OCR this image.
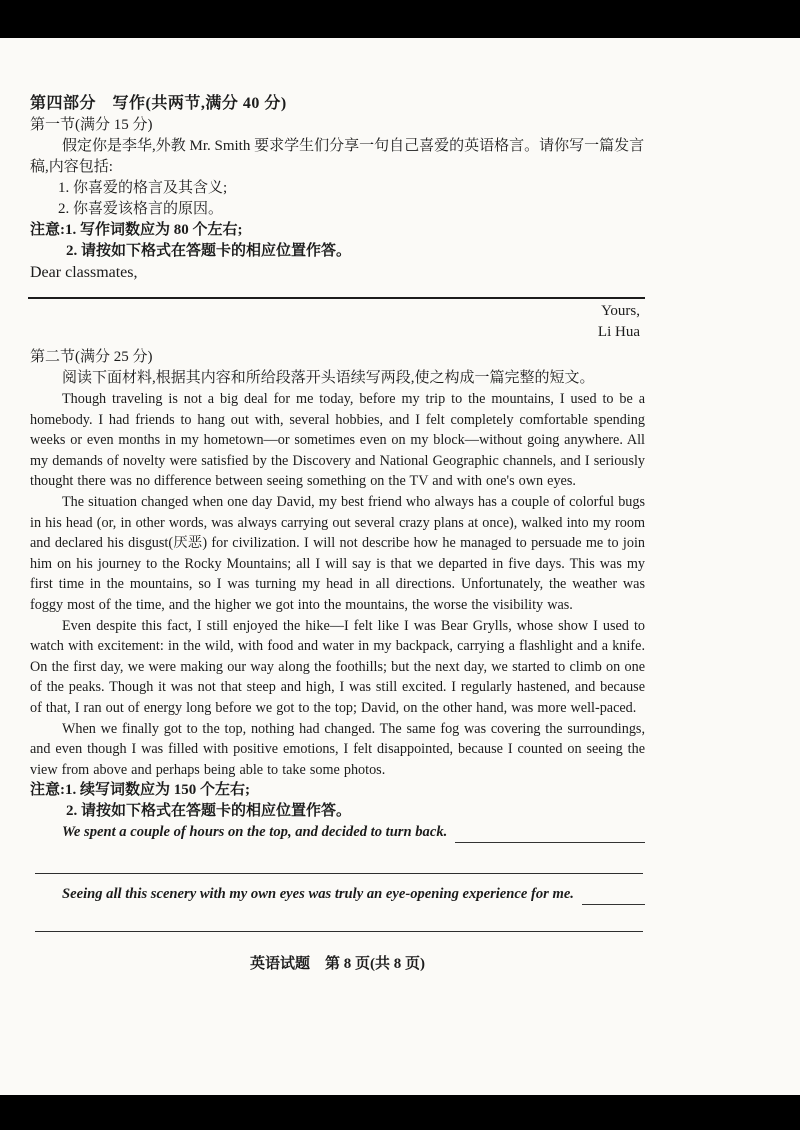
第四部分　写作(共两节,满分 40 分)
第一节(满分 15 分)

假定你是李华,外教 Mr. Smith 要求学生们分享一句自己喜爱的英语格言。请你写一篇发言稿,内容包括:

1. 你喜爱的格言及其含义;
2. 你喜爱该格言的原因。
注意:1. 写作词数应为 80 个左右;
2. 请按如下格式在答题卡的相应位置作答。
Dear classmates,
Yours,
Li Hua
第二节(满分 25 分)

阅读下面材料,根据其内容和所给段落开头语续写两段,使之构成一篇完整的短文。

Though traveling is not a big deal for me today, before my trip to the mountains, I used to be a homebody. I had friends to hang out with, several hobbies, and I felt completely comfortable spending weeks or even months in my hometown—or sometimes even on my block—without going anywhere. All my demands of novelty were satisfied by the Discovery and National Geographic channels, and I seriously thought there was no difference between seeing something on the TV and with one's own eyes.

The situation changed when one day David, my best friend who always has a couple of colorful bugs in his head (or, in other words, was always carrying out several crazy plans at once), walked into my room and declared his disgust(厌恶) for civilization. I will not describe how he managed to persuade me to join him on his journey to the Rocky Mountains; all I will say is that we departed in five days. This was my first time in the mountains, so I was turning my head in all directions. Unfortunately, the weather was foggy most of the time, and the higher we got into the mountains, the worse the visibility was.

Even despite this fact, I still enjoyed the hike—I felt like I was Bear Grylls, whose show I used to watch with excitement: in the wild, with food and water in my backpack, carrying a flashlight and a knife. On the first day, we were making our way along the foothills; but the next day, we started to climb on one of the peaks. Though it was not that steep and high, I was still excited. I regularly hastened, and because of that, I ran out of energy long before we got to the top; David, on the other hand, was more well-paced.

When we finally got to the top, nothing had changed. The same fog was covering the surroundings, and even though I was filled with positive emotions, I felt disappointed, because I counted on seeing the view from above and perhaps being able to take some photos.

注意:1. 续写词数应为 150 个左右;
2. 请按如下格式在答题卡的相应位置作答。
We spent a couple of hours on the top, and decided to turn back.
Seeing all this scenery with my own eyes was truly an eye-opening experience for me.
英语试题　第 8 页(共 8 页)
